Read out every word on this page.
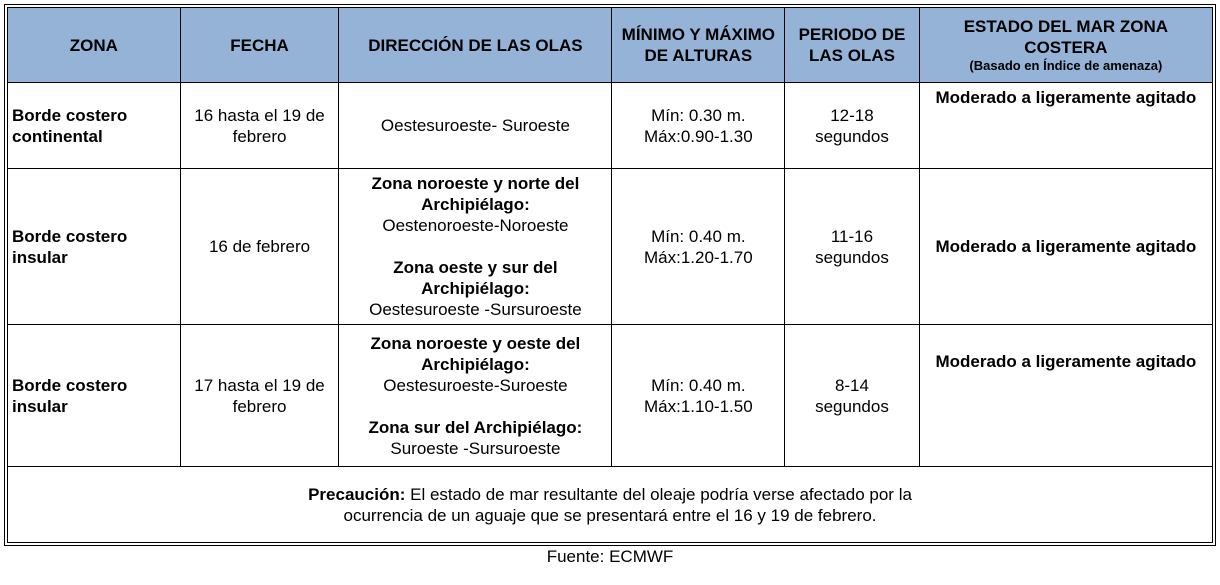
ZONA	FECHA	DIRECCIÓN DE LAS OLAS	MÍNIMO Y MÁXIMO DE ALTURAS	PERIODO DE LAS OLAS	ESTADO DEL MAR ZONA COSTERA
(Basado en Índice de amenaza)

Borde costero continental	16 hasta el 19 de febrero	Oestesuroeste- Suroeste	Mín: 0.30 m.
Máx:0.90-1.30	12-18
segundos	Moderado a ligeramente agitado
Borde costero insular	16 de febrero	Zona noroeste y norte del Archipiélago:
Oestenoroeste-Noroeste
Zona oeste y sur del Archipiélago:
Oestesuroeste -Sursuroeste	Mín: 0.40 m.
Máx:1.20-1.70	11-16
segundos	Moderado a ligeramente agitado
Borde costero insular	17 hasta el 19 de febrero	Zona noroeste y oeste del Archipiélago:
Oestesuroeste-Suroeste
Zona sur del Archipiélago:
Suroeste -Sursuroeste	Mín: 0.40 m.
Máx:1.10-1.50	8-14
segundos	Moderado a ligeramente agitado

Precaución: El estado de mar resultante del oleaje podría verse afectado por la
ocurrencia de un aguaje que se presentará entre el 16 y 19 de febrero.					
Fuente: ECMWF
